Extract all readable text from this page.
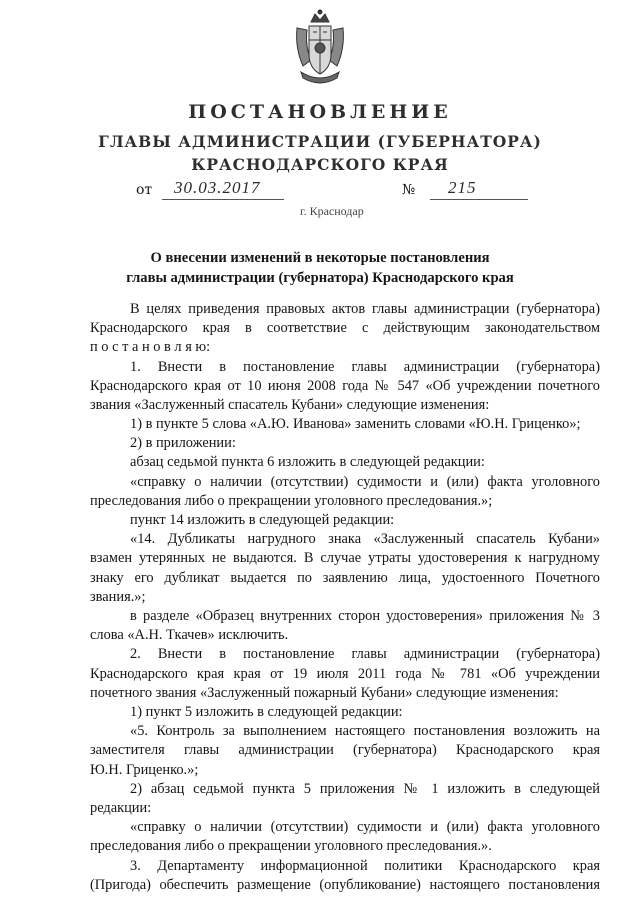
ПОСТАНОВЛЕНИЕ
ГЛАВЫ АДМИНИСТРАЦИИ (ГУБЕРНАТОРА)
КРАСНОДАРСКОГО КРАЯ
от 30.03.2017	№ 215
г. Краснодар
О внесении изменений в некоторые постановления
главы администрации (губернатора) Краснодарского края
В целях приведения правовых актов главы администрации (губернатора)
Краснодарского края в соответствие с действующим законодательством
п о с т а н о в л я ю:
1. Внести в постановление главы администрации (губернатора)
Краснодарского края от 10 июня 2008 года № 547 «Об учреждении почетного
звания «Заслуженный спасатель Кубани» следующие изменения:
1) в пункте 5 слова «А.Ю. Иванова» заменить словами «Ю.Н. Гриценко»;
2) в приложении:
абзац седьмой пункта 6 изложить в следующей редакции:
«справку о наличии (отсутствии) судимости и (или) факта уголовного
преследования либо о прекращении уголовного преследования.»;
пункт 14 изложить в следующей редакции:
«14. Дубликаты нагрудного знака «Заслуженный спасатель Кубани»
взамен утерянных не выдаются. В случае утраты удостоверения к нагрудному
знаку его дубликат выдается по заявлению лица, удостоенного Почетного
звания.»;
в разделе «Образец внутренних сторон удостоверения» приложения № 3
слова «А.Н. Ткачев» исключить.
2. Внести в постановление главы администрации (губернатора)
Краснодарского края края от 19 июля 2011 года № 781 «Об учреждении
почетного звания «Заслуженный пожарный Кубани» следующие изменения:
1) пункт 5 изложить в следующей редакции:
«5. Контроль за выполнением настоящего постановления возложить на
заместителя главы администрации (губернатора) Краснодарского края
Ю.Н. Гриценко.»;
2) абзац седьмой пункта 5 приложения № 1 изложить в следующей
редакции:
«справку о наличии (отсутствии) судимости и (или) факта уголовного
преследования либо о прекращении уголовного преследования.».
3. Департаменту информационной политики Краснодарского края
(Пригода) обеспечить размещение (опубликование) настоящего постановления
